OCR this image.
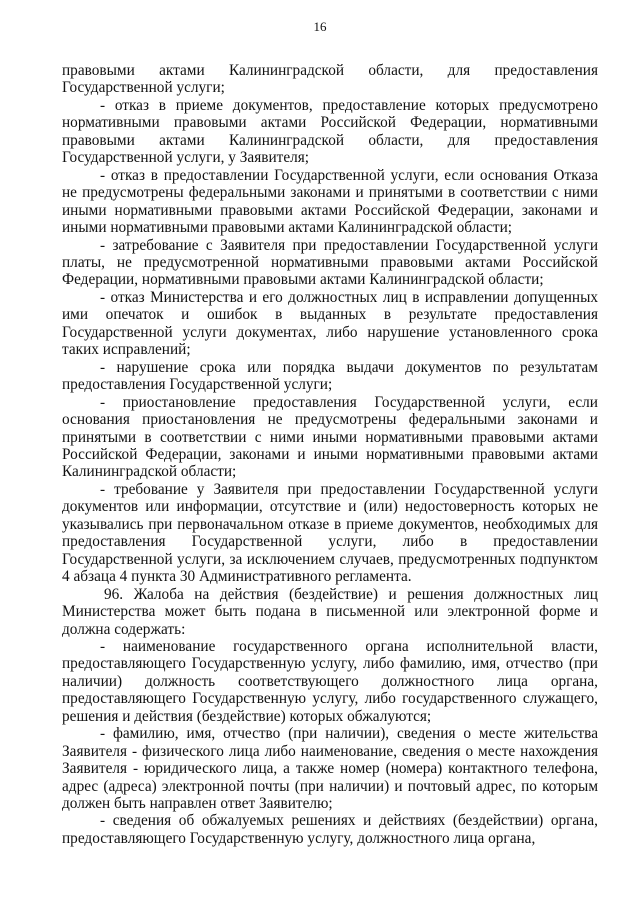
16

правовыми актами Калининградской области, для предоставления Государственной услуги;

- отказ в приеме документов, предоставление которых предусмотрено нормативными правовыми актами Российской Федерации, нормативными правовыми актами Калининградской области, для предоставления Государственной услуги, у Заявителя;

- отказ в предоставлении Государственной услуги, если основания Отказа не предусмотрены федеральными законами и принятыми в соответствии с ними иными нормативными правовыми актами Российской Федерации, законами и иными нормативными правовыми актами Калининградской области;

- затребование с Заявителя при предоставлении Государственной услуги платы, не предусмотренной нормативными правовыми актами Российской Федерации, нормативными правовыми актами Калининградской области;

- отказ Министерства и его должностных лиц в исправлении допущенных ими опечаток и ошибок в выданных в результате предоставления Государственной услуги документах, либо нарушение установленного срока таких исправлений;

- нарушение срока или порядка выдачи документов по результатам предоставления Государственной услуги;

- приостановление предоставления Государственной услуги, если основания приостановления не предусмотрены федеральными законами и принятыми в соответствии с ними иными нормативными правовыми актами Российской Федерации, законами и иными нормативными правовыми актами Калининградской области;

- требование у Заявителя при предоставлении Государственной услуги документов или информации, отсутствие и (или) недостоверность которых не указывались при первоначальном отказе в приеме документов, необходимых для предоставления Государственной услуги, либо в предоставлении Государственной услуги, за исключением случаев, предусмотренных подпунктом 4 абзаца 4 пункта 30 Административного регламента.

96. Жалоба на действия (бездействие) и решения должностных лиц Министерства может быть подана в письменной или электронной форме и должна содержать:

- наименование государственного органа исполнительной власти, предоставляющего Государственную услугу, либо фамилию, имя, отчество (при наличии) должность соответствующего должностного лица органа, предоставляющего Государственную услугу, либо государственного служащего, решения и действия (бездействие) которых обжалуются;

- фамилию, имя, отчество (при наличии), сведения о месте жительства Заявителя - физического лица либо наименование, сведения о месте нахождения Заявителя - юридического лица, а также номер (номера) контактного телефона, адрес (адреса) электронной почты (при наличии) и почтовый адрес, по которым должен быть направлен ответ Заявителю;

- сведения об обжалуемых решениях и действиях (бездействии) органа, предоставляющего Государственную услугу, должностного лица органа,
